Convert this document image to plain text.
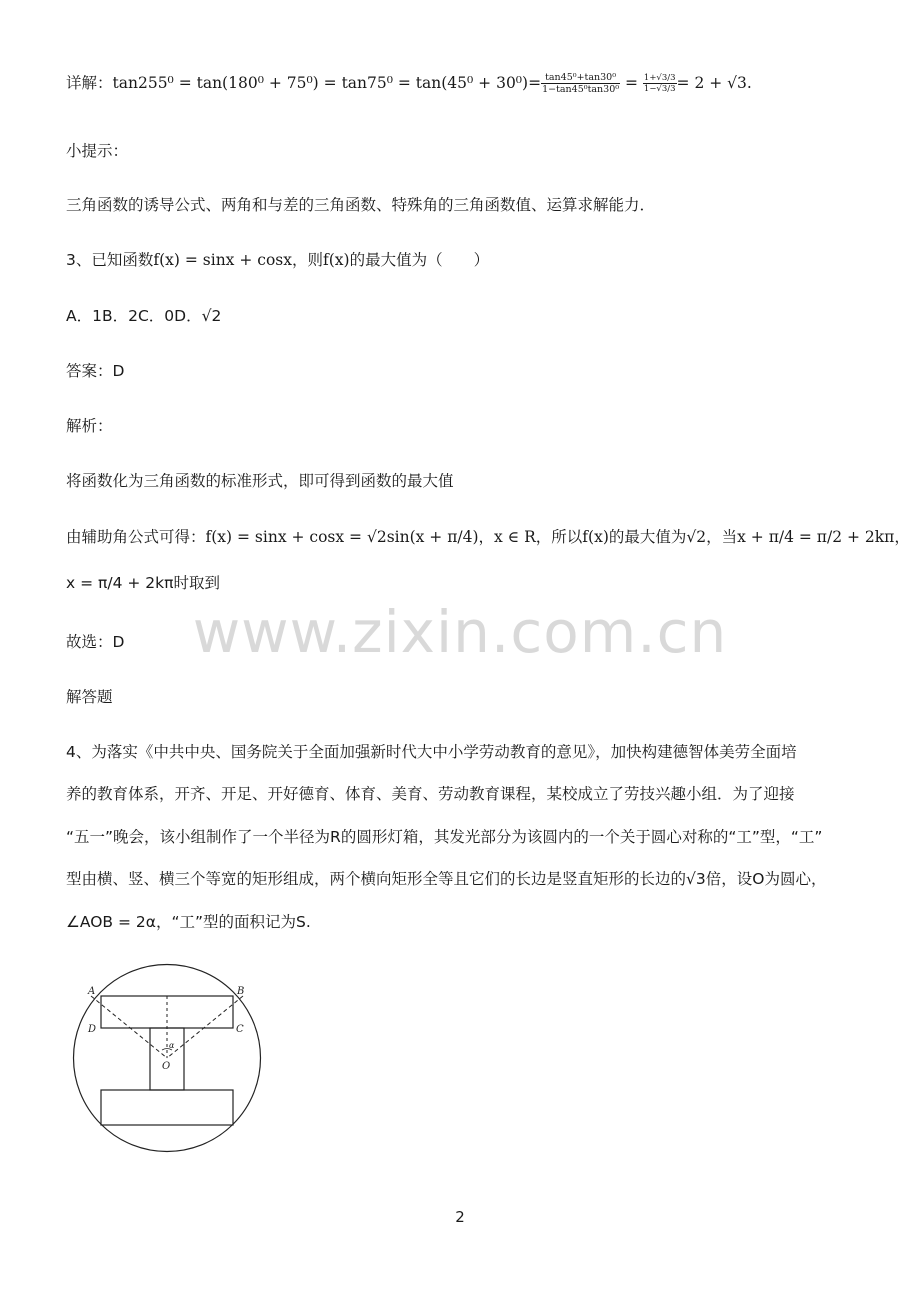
详解：$\tan 255^0 = \tan(180^0 + 75^0) = \tan 75^0 = \tan(45^0 + 30^0)= \frac{\text{tan45⁰+tan30⁰}}{\text{1−tan45⁰tan30⁰}} = \frac{1+√3/3}{1-√3/3} = 2 + √3$.
小提示：
三角函数的诱导公式、两角和与差的三角函数、特殊角的三角函数值、运算求解能力．
3、已知函数f(x) = sinx + cosx，则f(x)的最大值为（　　）
A．1B．2C．0D．√2
答案：D
解析：
将函数化为三角函数的标准形式，即可得到函数的最大值
由辅助角公式可得：f(x) = sinx + cosx = √2sin(x + π/4)，x ∈ R，所以f(x)的最大值为√2，当x + π/4 = π/2 + 2kπ，
x = π/4 + 2kπ时取到
故选：D	www.zixin.com.cn
解答题
4、为落实《中共中央、国务院关于全面加强新时代大中小学劳动教育的意见》，加快构建德智体美劳全面培
养的教育体系，开齐、开足、开好德育、体育、美育、劳动教育课程，某校成立了劳技兴趣小组．为了迎接
“五一”晚会，该小组制作了一个半径为R的圆形灯箱，其发光部分为该圆内的一个关于圆心对称的“工”型，“工”
型由横、竖、横三个等宽的矩形组成，两个横向矩形全等且它们的长边是竖直矩形的长边的√3倍，设O为圆心，
∠AOB = 2α，“工”型的面积记为S.
A	B
D	C
O
α
2
